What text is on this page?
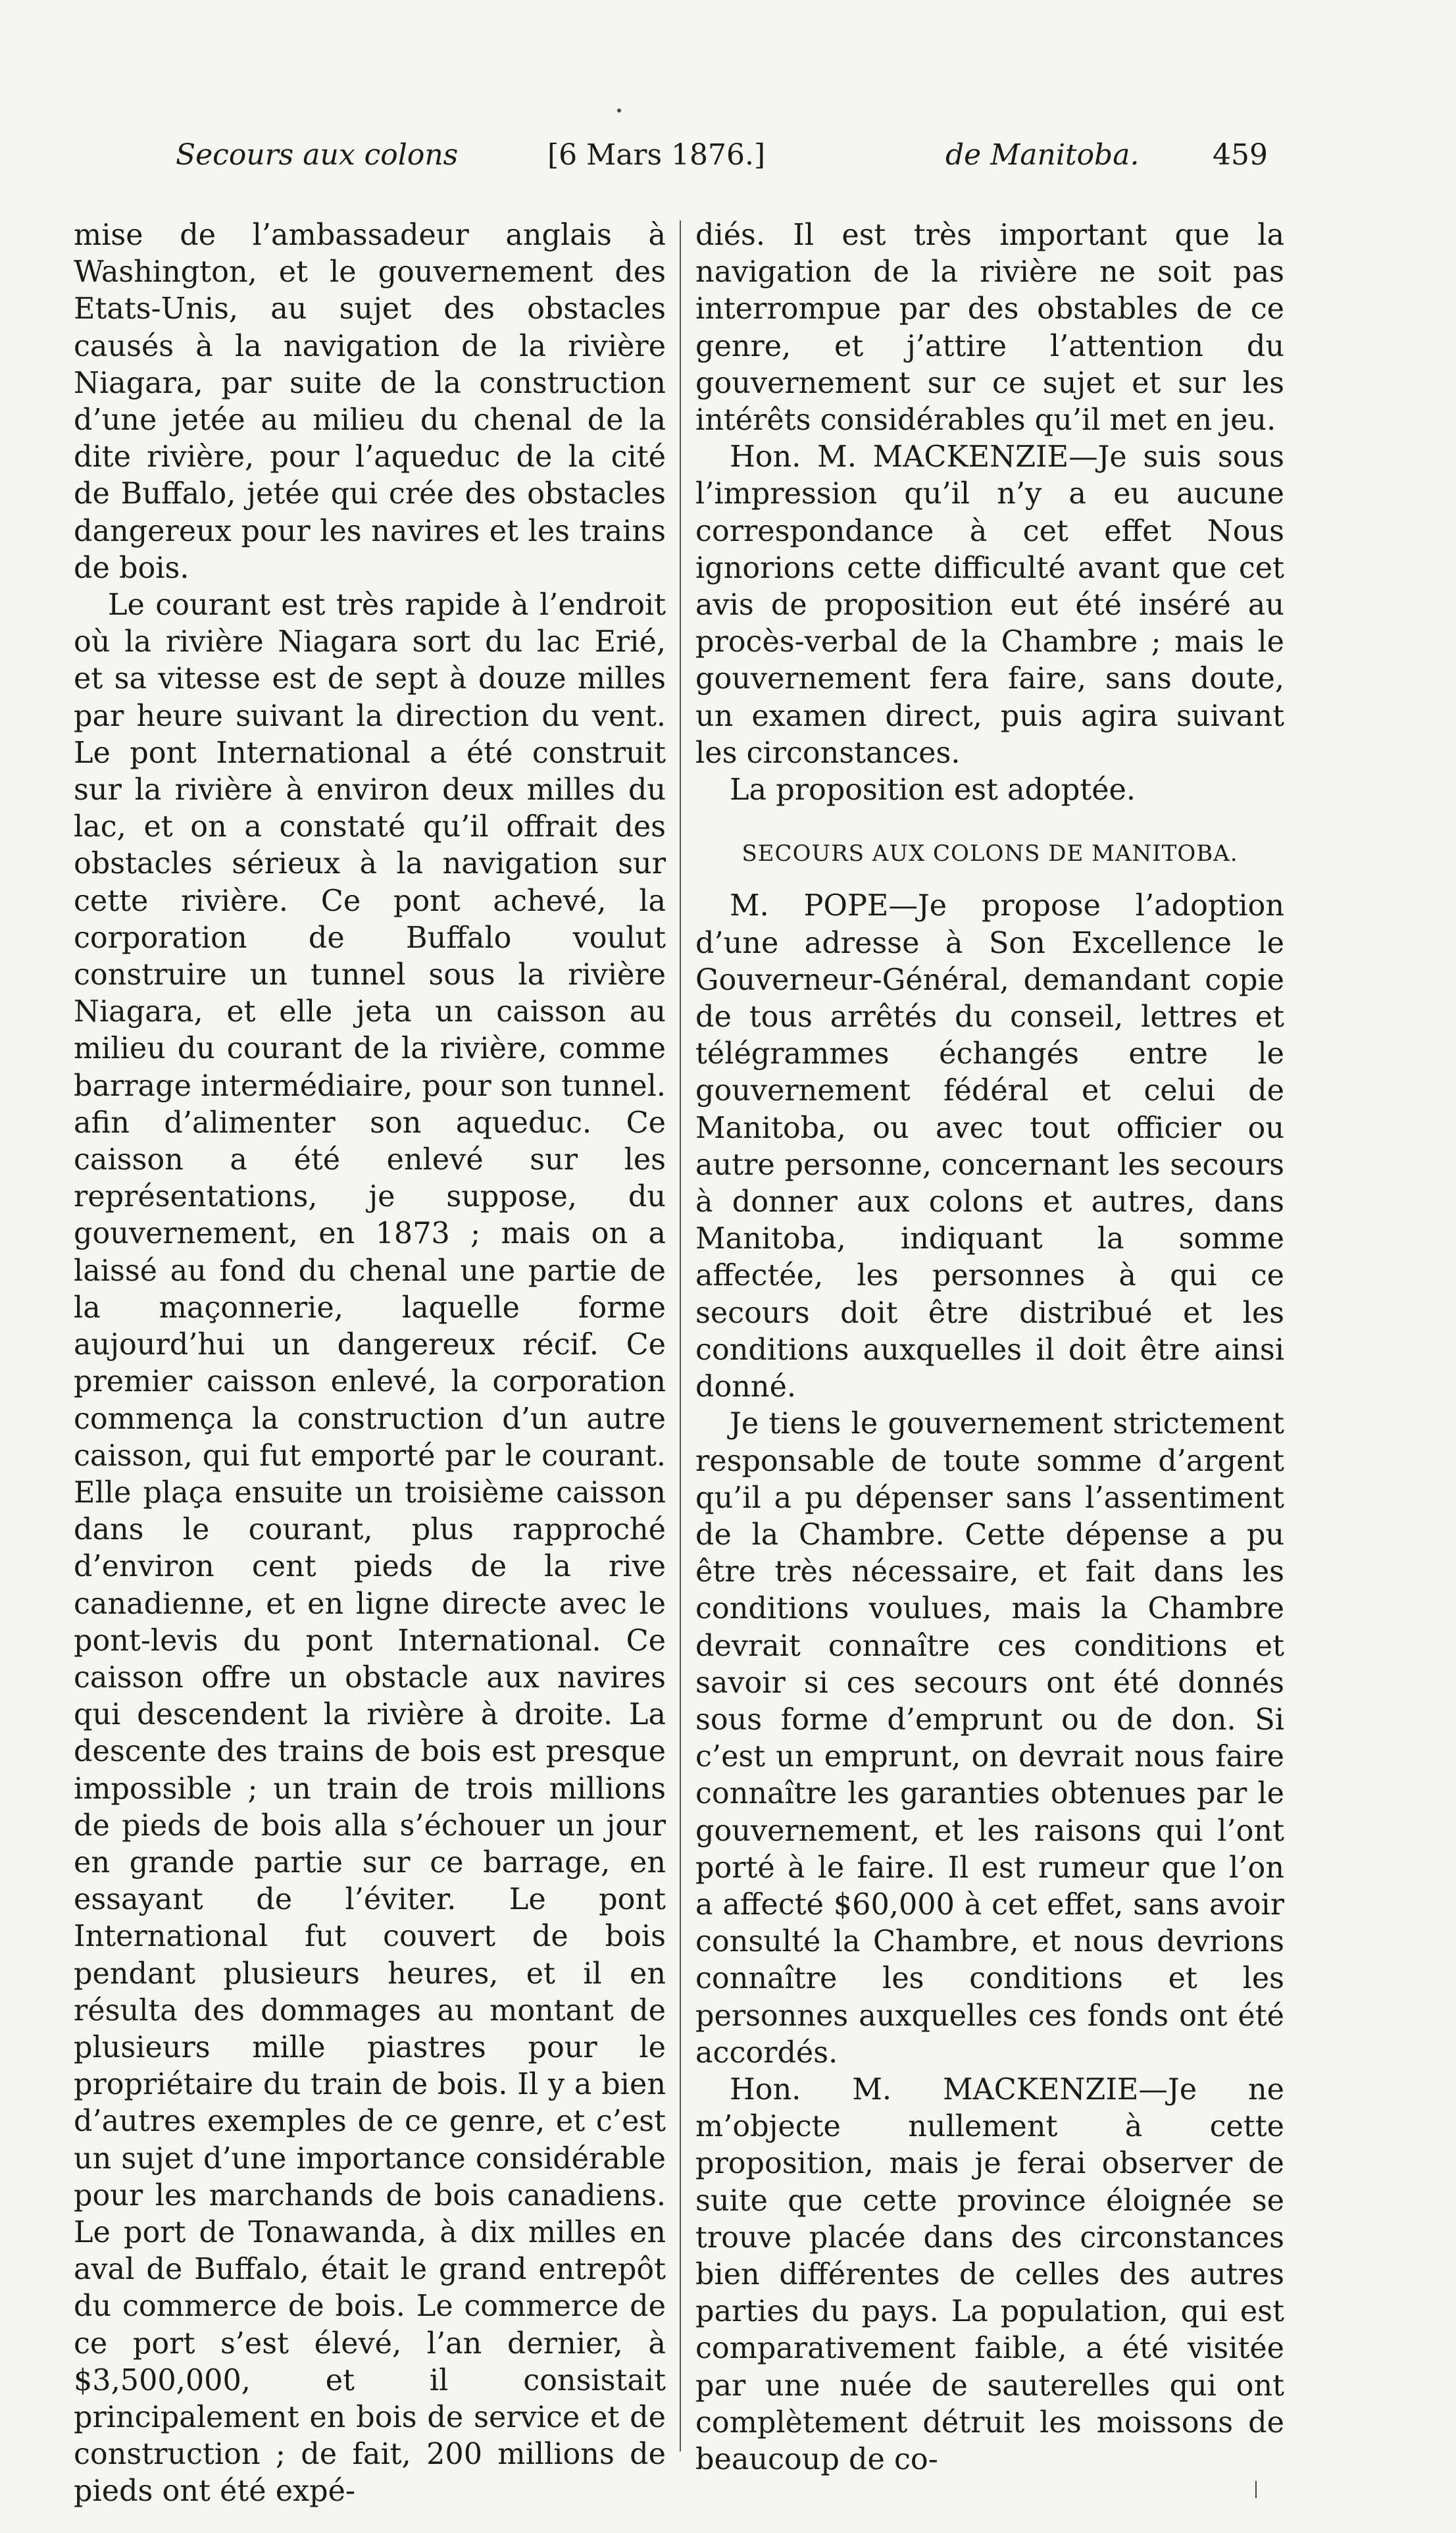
Secours aux colons	[6 Mars 1876.]	de Manitoba.	459

mise de l’ambassadeur anglais à Washington, et le gouvernement des Etats-Unis, au sujet des obstacles causés à la navigation de la rivière Niagara, par suite de la construction d’une jetée au milieu du chenal de la dite rivière, pour l’aqueduc de la cité de Buffalo, jetée qui crée des obstacles dangereux pour les navires et les trains de bois.

Le courant est très rapide à l’endroit où la rivière Niagara sort du lac Erié, et sa vitesse est de sept à douze milles par heure suivant la direction du vent. Le pont International a été construit sur la rivière à environ deux milles du lac, et on a constaté qu’il offrait des obstacles sérieux à la navigation sur cette rivière. Ce pont achevé, la corporation de Buffalo voulut construire un tunnel sous la rivière Niagara, et elle jeta un caisson au milieu du courant de la rivière, comme barrage intermédiaire, pour son tunnel. afin d’alimenter son aqueduc. Ce caisson a été enlevé sur les représentations, je suppose, du gouvernement, en 1873 ; mais on a laissé au fond du chenal une partie de la maçonnerie, laquelle forme aujourd’hui un dangereux récif. Ce premier caisson enlevé, la corporation commença la construction d’un autre caisson, qui fut emporté par le courant. Elle plaça ensuite un troisième caisson dans le courant, plus rapproché d’environ cent pieds de la rive canadienne, et en ligne directe avec le pont-levis du pont International. Ce caisson offre un obstacle aux navires qui descendent la rivière à droite. La descente des trains de bois est presque impossible ; un train de trois millions de pieds de bois alla s’échouer un jour en grande partie sur ce barrage, en essayant de l’éviter. Le pont International fut couvert de bois pendant plusieurs heures, et il en résulta des dommages au montant de plusieurs mille piastres pour le propriétaire du train de bois. Il y a bien d’autres exemples de ce genre, et c’est un sujet d’une importance considérable pour les marchands de bois canadiens. Le port de Tonawanda, à dix milles en aval de Buffalo, était le grand entrepôt du commerce de bois. Le commerce de ce port s’est élevé, l’an dernier, à $3,500,000, et il consistait principalement en bois de service et de construction ; de fait, 200 millions de pieds ont été expé-

diés. Il est très important que la navigation de la rivière ne soit pas interrompue par des obstables de ce genre, et j’attire l’attention du gouvernement sur ce sujet et sur les intérêts considérables qu’il met en jeu.

Hon. M. MACKENZIE—Je suis sous l’impression qu’il n’y a eu aucune correspondance à cet effet Nous ignorions cette difficulté avant que cet avis de proposition eut été inséré au procès-verbal de la Chambre ; mais le gouvernement fera faire, sans doute, un examen direct, puis agira suivant les circonstances.

La proposition est adoptée.

SECOURS AUX COLONS DE MANITOBA.

M. POPE—Je propose l’adoption d’une adresse à Son Excellence le Gouverneur-Général, demandant copie de tous arrêtés du conseil, lettres et télégrammes échangés entre le gouvernement fédéral et celui de Manitoba, ou avec tout officier ou autre personne, concernant les secours à donner aux colons et autres, dans Manitoba, indiquant la somme affectée, les personnes à qui ce secours doit être distribué et les conditions auxquelles il doit être ainsi donné.

Je tiens le gouvernement strictement responsable de toute somme d’argent qu’il a pu dépenser sans l’assentiment de la Chambre. Cette dépense a pu être très nécessaire, et fait dans les conditions voulues, mais la Chambre devrait connaître ces conditions et savoir si ces secours ont été donnés sous forme d’emprunt ou de don. Si c’est un emprunt, on devrait nous faire connaître les garanties obtenues par le gouvernement, et les raisons qui l’ont porté à le faire. Il est rumeur que l’on a affecté $60,000 à cet effet, sans avoir consulté la Chambre, et nous devrions connaître les conditions et les personnes auxquelles ces fonds ont été accordés.

Hon. M. MACKENZIE—Je ne m’objecte nullement à cette proposition, mais je ferai observer de suite que cette province éloignée se trouve placée dans des circonstances bien différentes de celles des autres parties du pays. La population, qui est comparativement faible, a été visitée par une nuée de sauterelles qui ont complètement détruit les moissons de beaucoup de co-
